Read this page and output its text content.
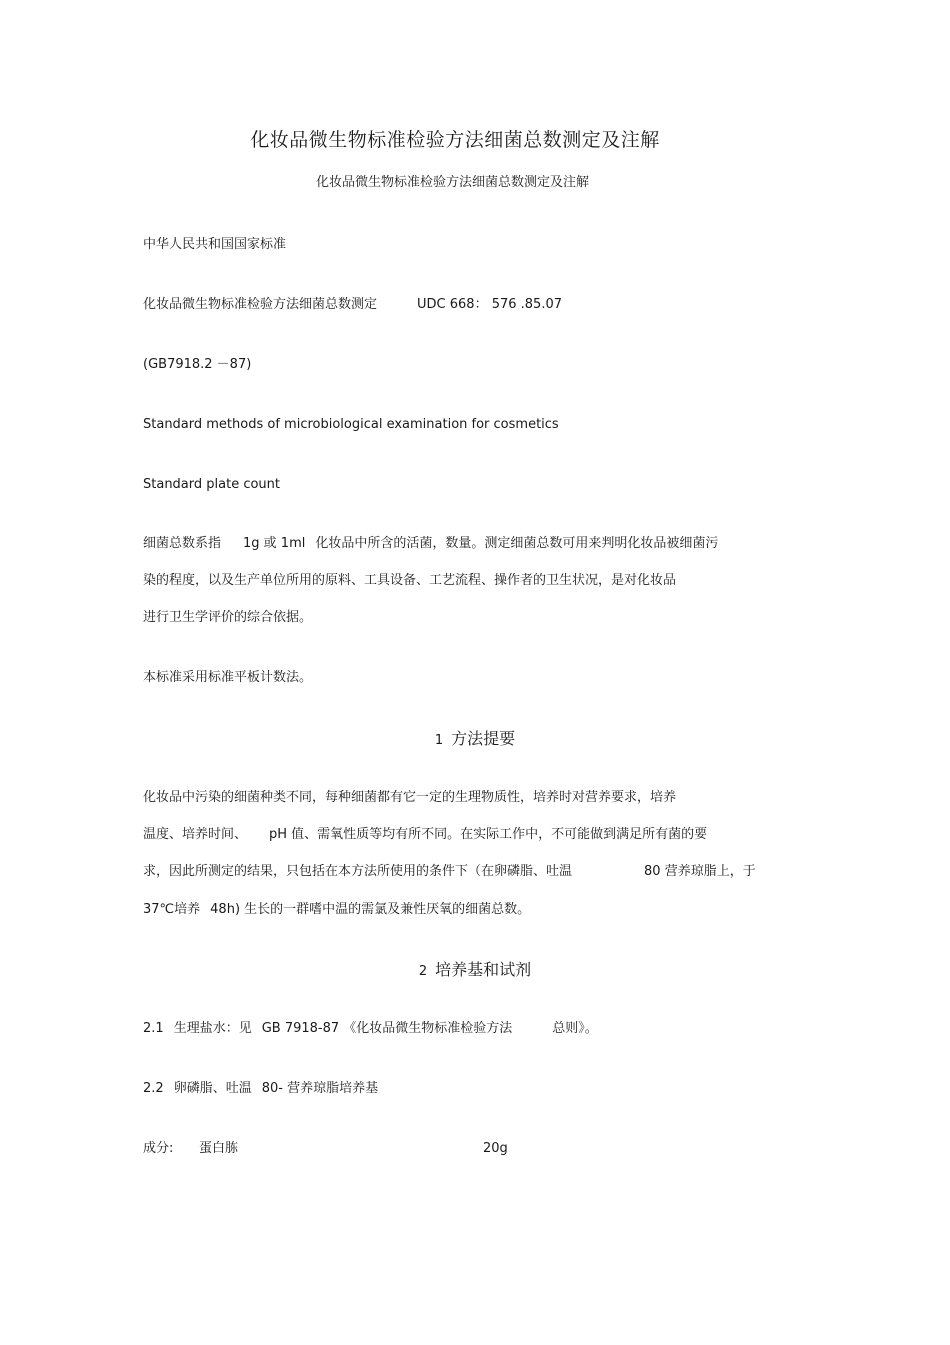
化妆品微生物标准检验方法细菌总数测定及注解
化妆品微生物标准检验方法细菌总数测定及注解
中华人民共和国国家标准
化妆品微生物标准检验方法细菌总数测定	UDC 668： 576 .85.07
(GB7918.2 －87)
Standard methods of microbiological examination for cosmetics
Standard plate count
细菌总数系指 1g 或 1ml 化妆品中所含的活菌，数量。测定细菌总数可用来判明化妆品被细菌污
染的程度，以及生产单位所用的原料、工具设备、工艺流程、操作者的卫生状况，是对化妆品
进行卫生学评价的综合依据。
本标准采用标准平板计数法。
1 方法提要
化妆品中污染的细菌种类不同，每种细菌都有它一定的生理物质性，培养时对营养要求，培养
温度、培养时间、 pH 值、需氧性质等均有所不同。在实际工作中，不可能做到满足所有菌的要
求，因此所测定的结果，只包括在本方法所使用的条件下（在卵磷脂、吐温	80 营养琼脂上，于
37℃培养 48h) 生长的一群嗜中温的需氯及兼性厌氧的细菌总数。
2 培养基和试剂
2.1 生理盐水：见 GB 7918-87 《化妆品微生物标准检验方法	总则》。
2.2 卵磷脂、吐温 80- 营养琼脂培养基
成分: 蛋白胨	20g
